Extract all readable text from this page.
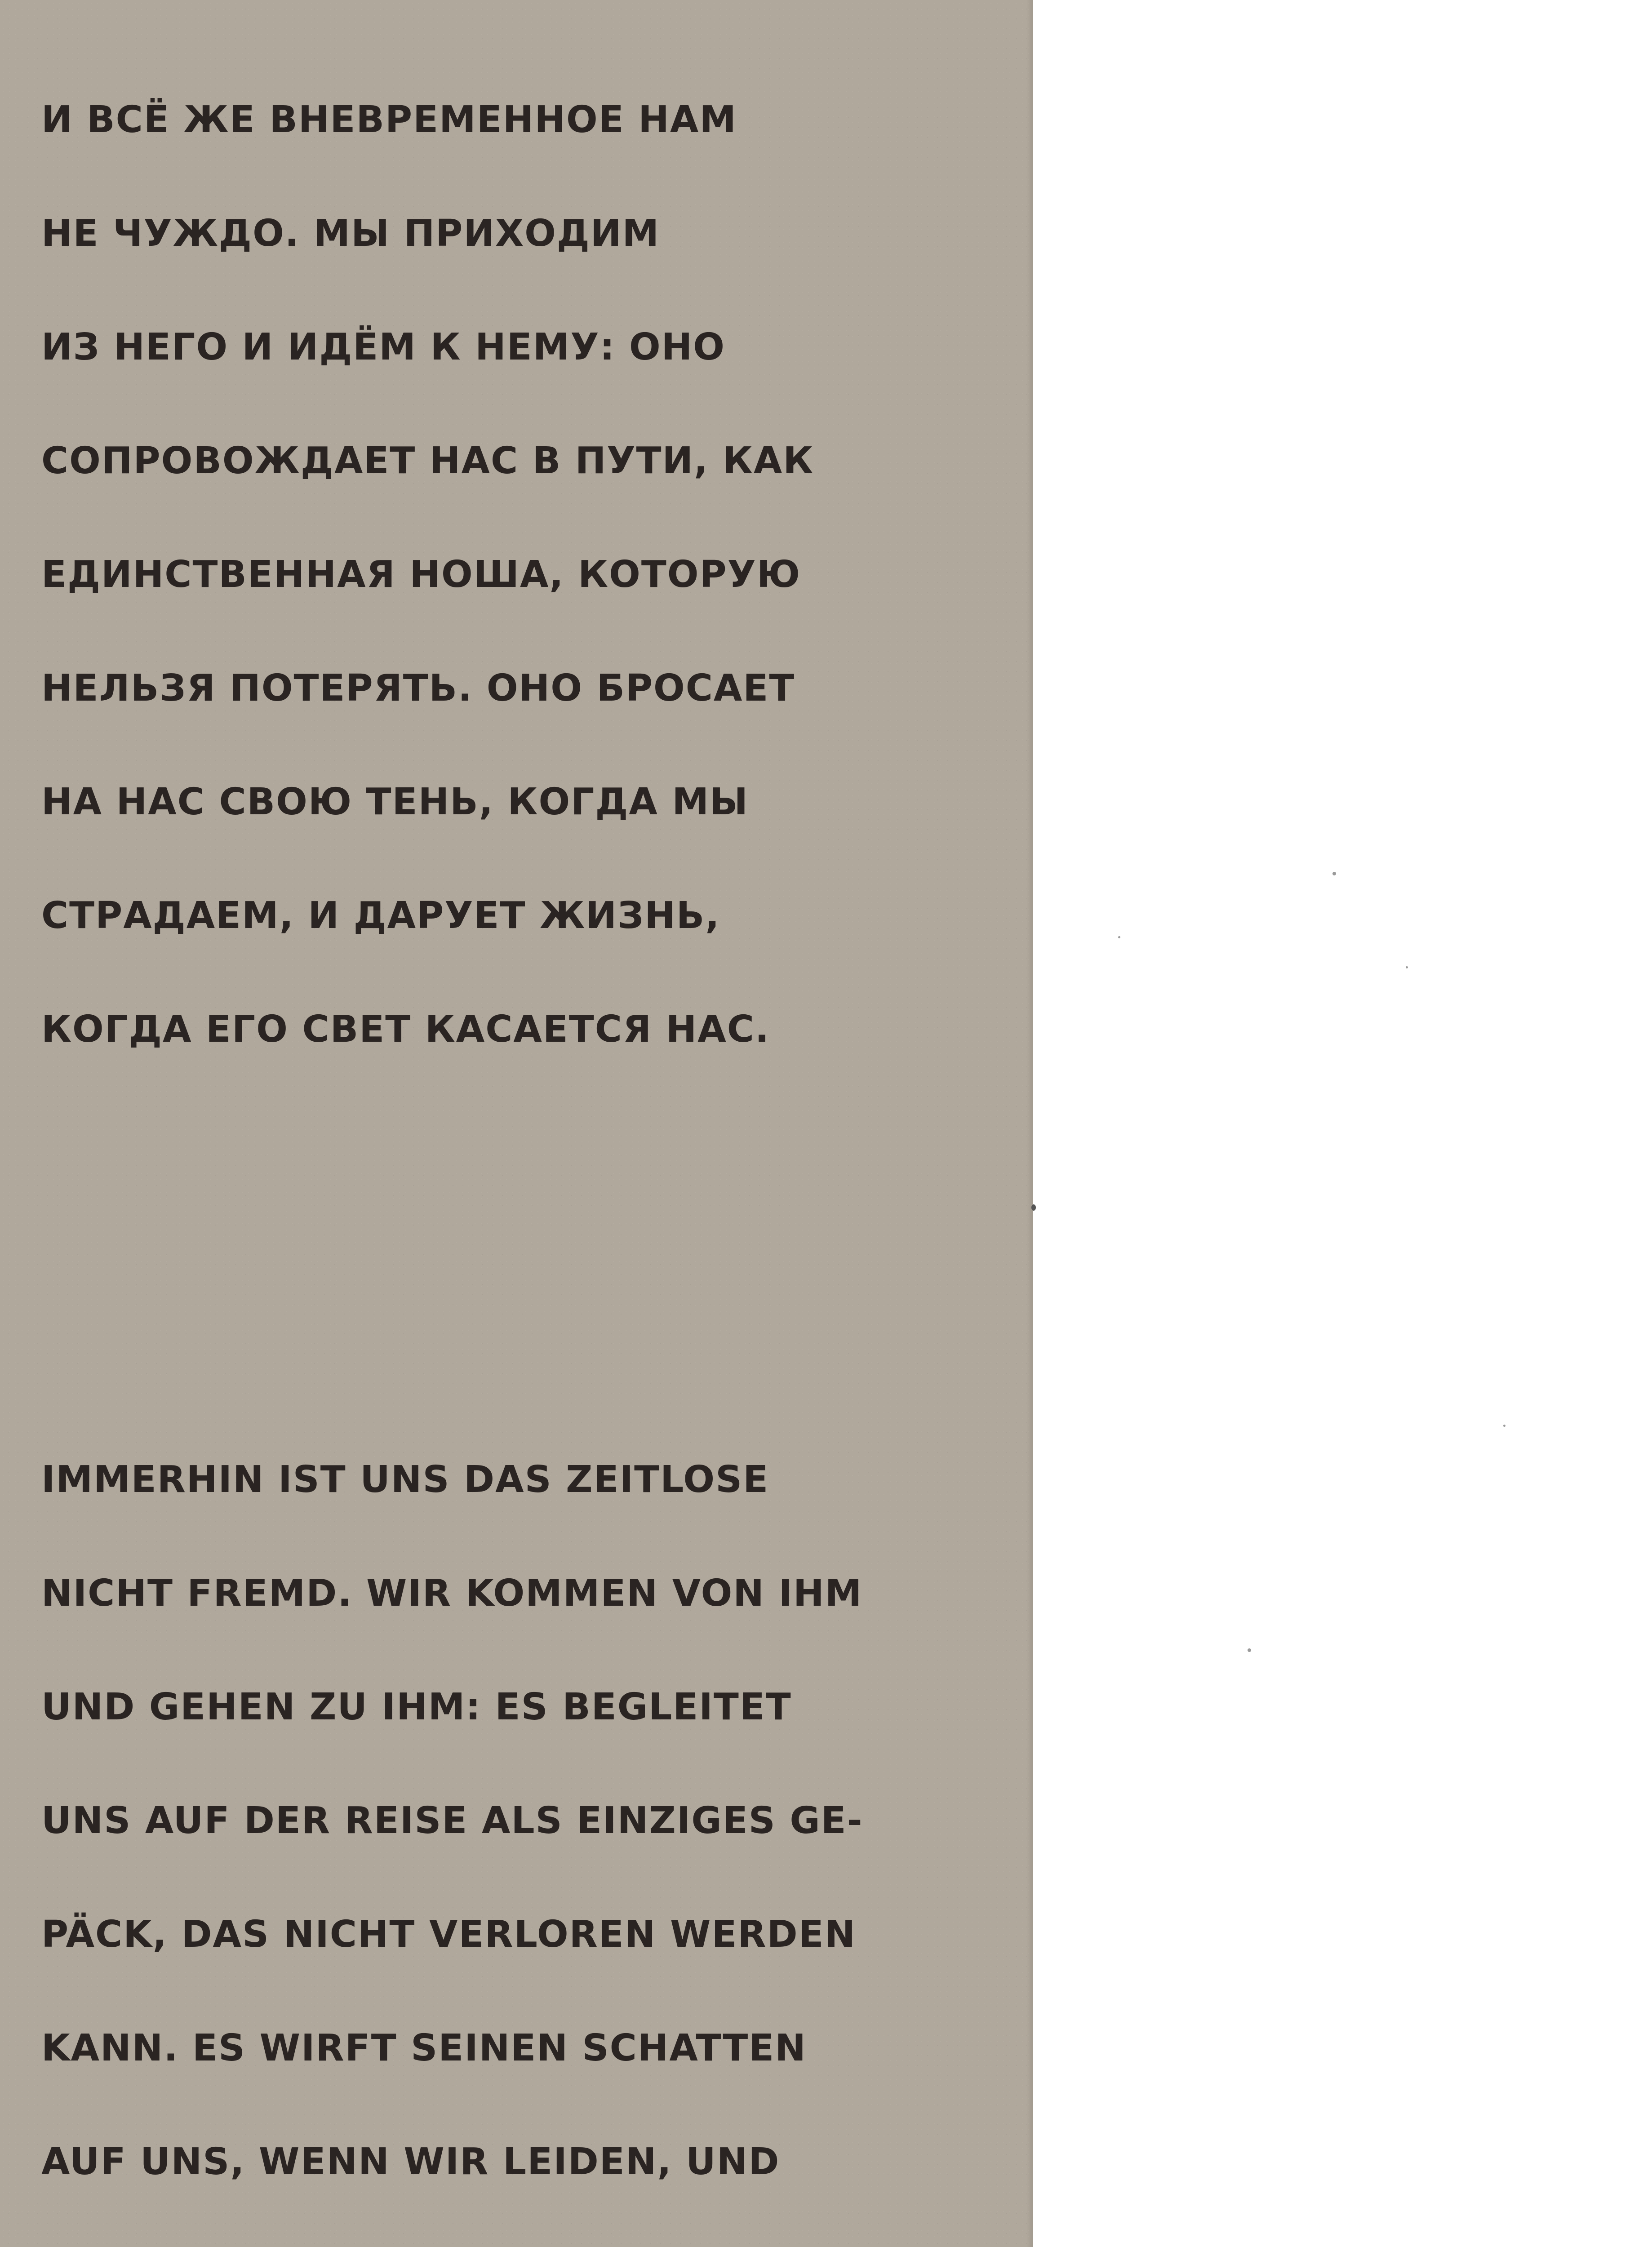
И ВСЁ ЖЕ ВНЕВРЕМЕННОЕ НАМ
НЕ ЧУЖДО. МЫ ПРИХОДИМ
ИЗ НЕГО И ИДЁМ К НЕМУ: ОНО
СОПРОВОЖДАЕТ НАС В ПУТИ, КАК
ЕДИНСТВЕННАЯ НОША, КОТОРУЮ
НЕЛЬЗЯ ПОТЕРЯТЬ. ОНО БРОСАЕТ
НА НАС СВОЮ ТЕНЬ, КОГДА МЫ
СТРАДАЕМ, И ДАРУЕТ ЖИЗНЬ,
КОГДА ЕГО СВЕТ КАСАЕТСЯ НАС.
IMMERHIN IST UNS DAS ZEITLOSE
NICHT FREMD. WIR KOMMEN VON IHM
UND GEHEN ZU IHM: ES BEGLEITET
UNS AUF DER REISE ALS EINZIGES GE-
PÄCK, DAS NICHT VERLOREN WERDEN
KANN. ES WIRFT SEINEN SCHATTEN
AUF UNS, WENN WIR LEIDEN, UND
